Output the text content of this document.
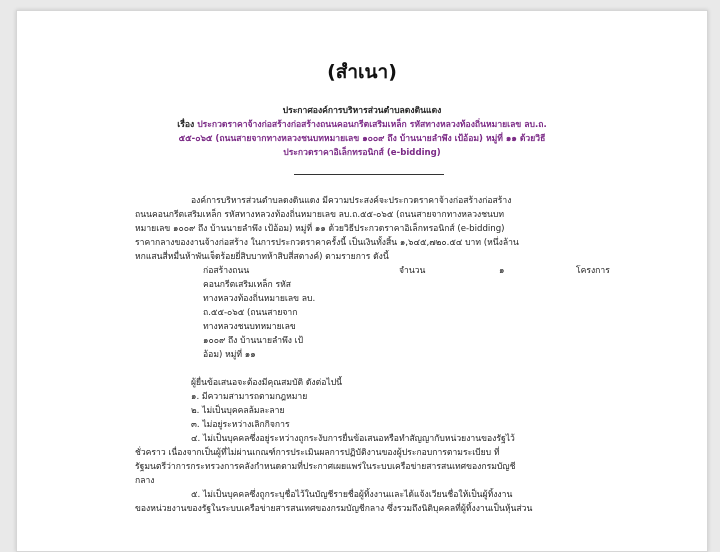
(สำเนา)
ประกาศองค์การบริหารส่วนตำบลดงดินแดง
เรื่อง ประกวดราคาจ้างก่อสร้างก่อสร้างถนนคอนกรีตเสริมเหล็ก รหัสทางหลวงท้องถิ่นหมายเลข ลบ.ถ.
๕๕-๐๖๕ (ถนนสายจากทางหลวงชนบทหมายเลข ๑๐๐๙ ถึง บ้านนายลำพึง เป้อ้อม) หมู่ที่ ๑๑ ด้วยวิธี
ประกวดราคาอิเล็กทรอนิกส์ (e-bidding)
องค์การบริหารส่วนตำบลดงดินแดง มีความประสงค์จะประกวดราคาจ้างก่อสร้างก่อสร้าง
ถนนคอนกรีตเสริมเหล็ก รหัสทางหลวงท้องถิ่นหมายเลข ลบ.ถ.๕๕-๐๖๕ (ถนนสายจากทางหลวงชนบท
หมายเลข ๑๐๐๙ ถึง บ้านนายลำพึง เป้อ้อม) หมู่ที่ ๑๑ ด้วยวิธีประกวดราคาอิเล็กทรอนิกส์ (e-bidding)
ราคากลางของงานจ้างก่อสร้าง ในการประกวดราคาครั้งนี้ เป็นเงินทั้งสิ้น ๑,๖๔๕,๗๒๐.๕๔ บาท (หนึ่งล้าน
หกแสนสี่หมื่นห้าพันเจ็ดร้อยยี่สิบบาทห้าสิบสี่สตางค์) ตามรายการ ดังนี้
ก่อสร้างถนน	จำนวน	๑	โครงการ
คอนกรีตเสริมเหล็ก รหัส
ทางหลวงท้องถิ่นหมายเลข ลบ.
ถ.๕๕-๐๖๕ (ถนนสายจาก
ทางหลวงชนบทหมายเลข
๑๐๐๙ ถึง บ้านนายลำพึง เป้
อ้อม) หมู่ที่ ๑๑
ผู้ยื่นข้อเสนอจะต้องมีคุณสมบัติ ดังต่อไปนี้
๑. มีความสามารถตามกฎหมาย
๒. ไม่เป็นบุคคลล้มละลาย
๓. ไม่อยู่ระหว่างเลิกกิจการ
๔. ไม่เป็นบุคคลซึ่งอยู่ระหว่างถูกระงับการยื่นข้อเสนอหรือทำสัญญากับหน่วยงานของรัฐไว้
ชั่วคราว เนื่องจากเป็นผู้ที่ไม่ผ่านเกณฑ์การประเมินผลการปฏิบัติงานของผู้ประกอบการตามระเบียบ ที่
รัฐมนตรีว่าการกระทรวงการคลังกำหนดตามที่ประกาศเผยแพร่ในระบบเครือข่ายสารสนเทศของกรมบัญชี
กลาง
๕. ไม่เป็นบุคคลซึ่งถูกระบุชื่อไว้ในบัญชีรายชื่อผู้ทิ้งงานและได้แจ้งเวียนชื่อให้เป็นผู้ทิ้งงาน
ของหน่วยงานของรัฐในระบบเครือข่ายสารสนเทศของกรมบัญชีกลาง ซึ่งรวมถึงนิติบุคคลที่ผู้ทิ้งงานเป็นหุ้นส่วน
